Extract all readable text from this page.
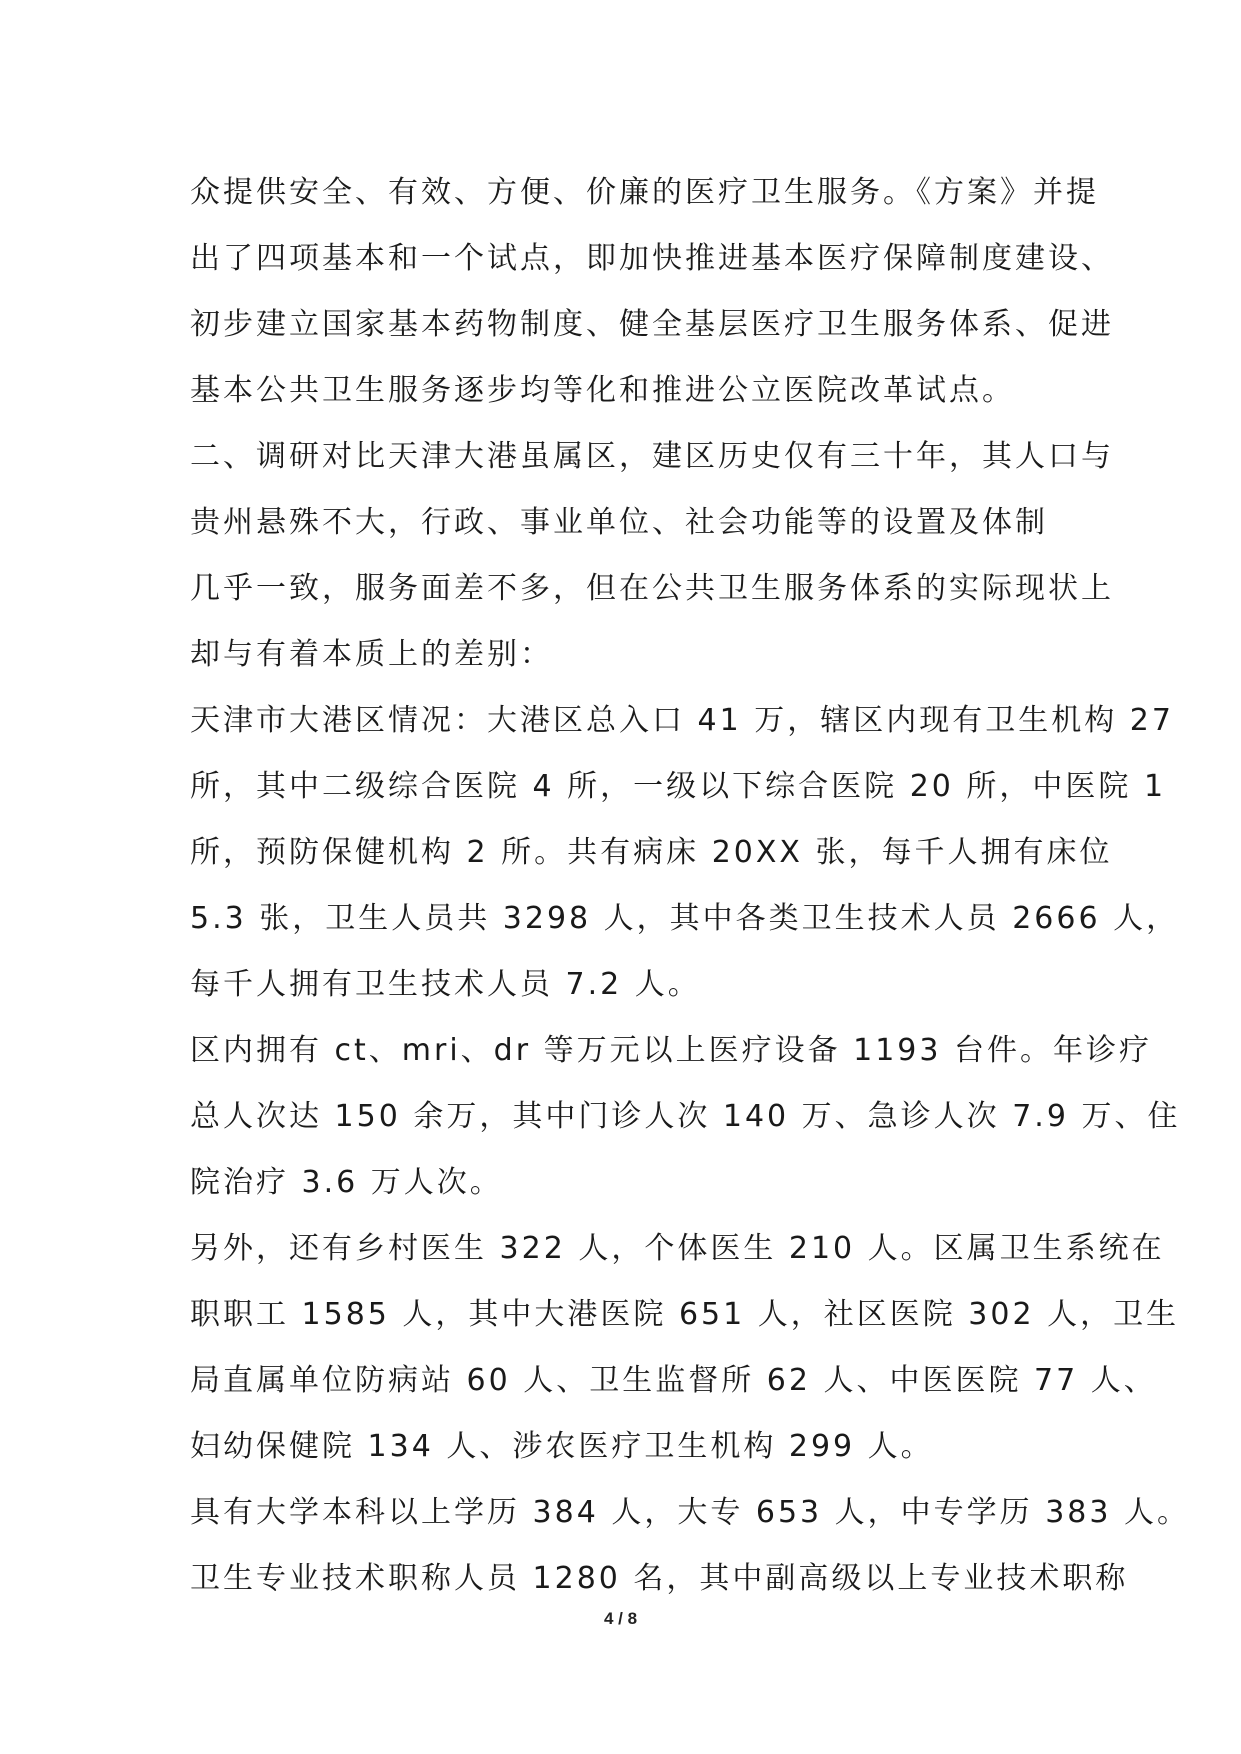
众提供安全、有效、方便、价廉的医疗卫生服务。《方案》并提
出了四项基本和一个试点，即加快推进基本医疗保障制度建设、
初步建立国家基本药物制度、健全基层医疗卫生服务体系、促进
基本公共卫生服务逐步均等化和推进公立医院改革试点。
二、调研对比天津大港虽属区，建区历史仅有三十年，其人口与
贵州悬殊不大，行政、事业单位、社会功能等的设置及体制
几乎一致，服务面差不多，但在公共卫生服务体系的实际现状上
却与有着本质上的差别：
天津市大港区情况：大港区总入口 41 万，辖区内现有卫生机构 27
所，其中二级综合医院 4 所，一级以下综合医院 20 所，中医院 1
所，预防保健机构 2 所。共有病床 20XX 张，每千人拥有床位
5.3 张，卫生人员共 3298 人，其中各类卫生技术人员 2666 人，
每千人拥有卫生技术人员 7.2 人。
区内拥有 ct、mri、dr 等万元以上医疗设备 1193 台件。年诊疗
总人次达 150 余万，其中门诊人次 140 万、急诊人次 7.9 万、住
院治疗 3.6 万人次。
另外，还有乡村医生 322 人，个体医生 210 人。区属卫生系统在
职职工 1585 人，其中大港医院 651 人，社区医院 302 人，卫生
局直属单位防病站 60 人、卫生监督所 62 人、中医医院 77 人、
妇幼保健院 134 人、涉农医疗卫生机构 299 人。
具有大学本科以上学历 384 人，大专 653 人，中专学历 383 人。
卫生专业技术职称人员 1280 名，其中副高级以上专业技术职称
4 / 8
